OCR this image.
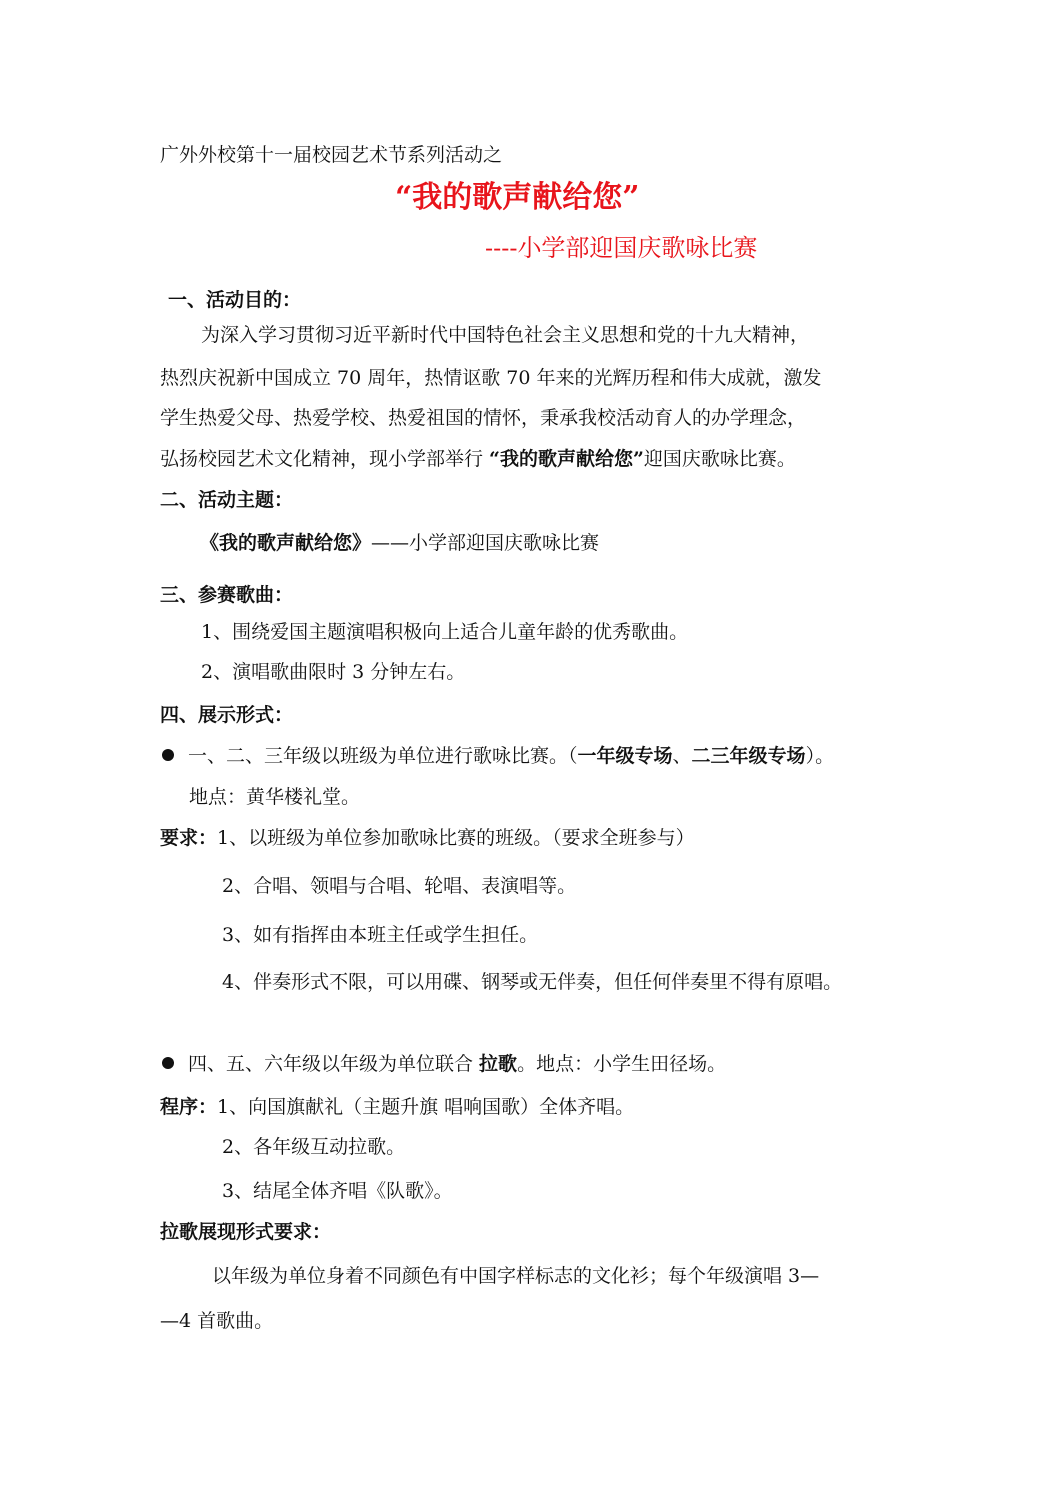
广外外校第十一届校园艺术节系列活动之
“我的歌声献给您”
----小学部迎国庆歌咏比赛
一、活动目的：
为深入学习贯彻习近平新时代中国特色社会主义思想和党的十九大精神，
热烈庆祝新中国成立 70 周年，热情讴歌 70 年来的光辉历程和伟大成就，激发
学生热爱父母、热爱学校、热爱祖国的情怀，秉承我校活动育人的办学理念，
弘扬校园艺术文化精神，现小学部举行 “我的歌声献给您”迎国庆歌咏比赛。
二、活动主题：
《我的歌声献给您》——小学部迎国庆歌咏比赛
三、参赛歌曲：
1、围绕爱国主题演唱积极向上适合儿童年龄的优秀歌曲。
2、演唱歌曲限时 3 分钟左右。
四、展示形式：
一、二、三年级以班级为单位进行歌咏比赛。（一年级专场、二三年级专场）。
地点：黄华楼礼堂。
要求：1、以班级为单位参加歌咏比赛的班级。（要求全班参与）
2、合唱、领唱与合唱、轮唱、表演唱等。
3、如有指挥由本班主任或学生担任。
4、伴奏形式不限，可以用碟、钢琴或无伴奏，但任何伴奏里不得有原唱。
四、五、六年级以年级为单位联合 拉歌。地点：小学生田径场。
程序：1、向国旗献礼（主题升旗 唱响国歌）全体齐唱。
2、各年级互动拉歌。
3、结尾全体齐唱《队歌》。
拉歌展现形式要求：
以年级为单位身着不同颜色有中国字样标志的文化衫；每个年级演唱 3—
—4 首歌曲。
